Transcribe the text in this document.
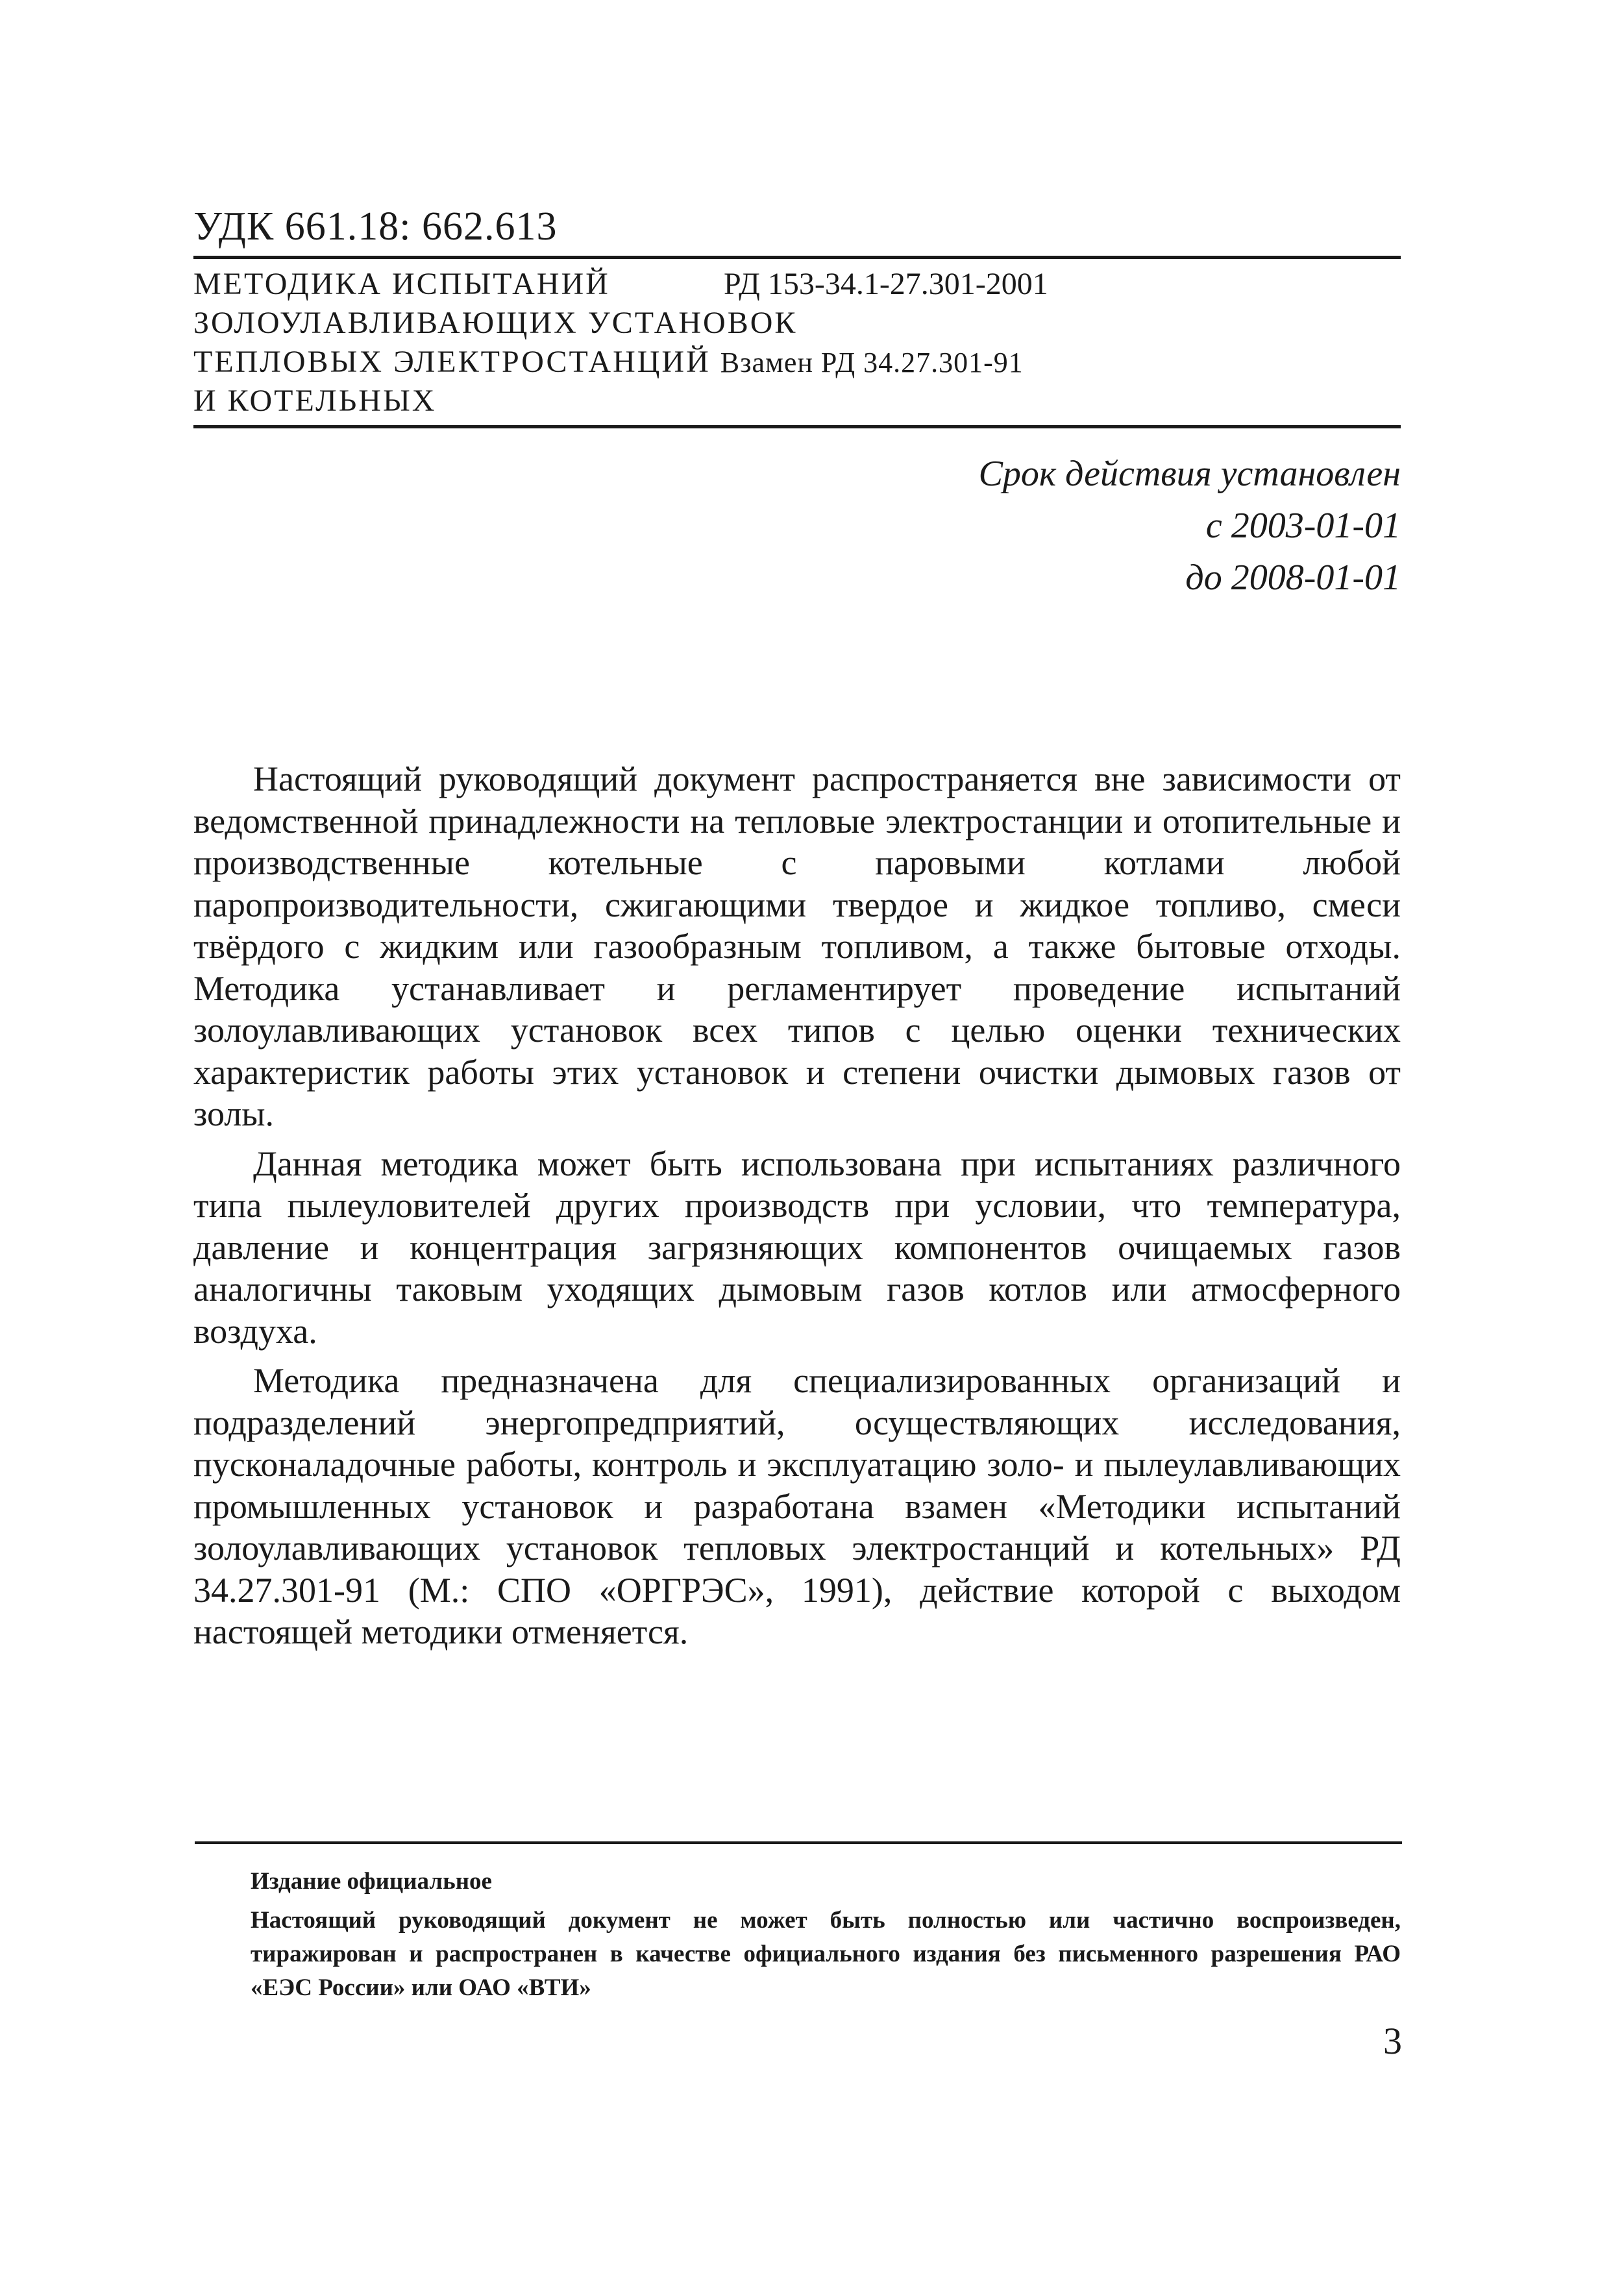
УДК 661.18: 662.613
МЕТОДИКА ИСПЫТАНИЙ	РД 153-34.1-27.301-2001
ЗОЛОУЛАВЛИВАЮЩИХ УСТАНОВОК
ТЕПЛОВЫХ ЭЛЕКТРОСТАНЦИЙ Взамен РД 34.27.301-91
И КОТЕЛЬНЫХ
Срок действия установлен
с 2003-01-01
до 2008-01-01

Настоящий руководящий документ распространяется вне зависимости от ведомственной принадлежности на тепловые электростанции и отопительные и производственные котельные с паровыми котлами любой паропроизводительности, сжигающими твердое и жидкое топливо, смеси твёрдого с жидким или газообразным топливом, а также бытовые отходы. Методика устанавливает и регламентирует проведение испытаний золоулавливающих установок всех типов с целью оценки технических характеристик работы этих установок и степени очистки дымовых газов от золы.

Данная методика может быть использована при испытаниях различного типа пылеуловителей других производств при условии, что температура, давление и концентрация загрязняющих компонентов очищаемых газов аналогичны таковым уходящих дымовым газов котлов или атмосферного воздуха.

Методика предназначена для специализированных организаций и подразделений энергопредприятий, осуществляющих исследования, пусконаладочные работы, контроль и эксплуатацию золо- и пылеулавливающих промышленных установок и разработана взамен «Методики испытаний золоулавливающих установок тепловых электростанций и котельных» РД 34.27.301-91 (М.: СПО «ОРГРЭС», 1991), действие которой с выходом настоящей методики отменяется.

Издание официальное
Настоящий руководящий документ не может быть полностью или частично воспроизведен, тиражирован и распространен в качестве официального издания без письменного разрешения РАО «ЕЭС России» или ОАО «ВТИ»
3
